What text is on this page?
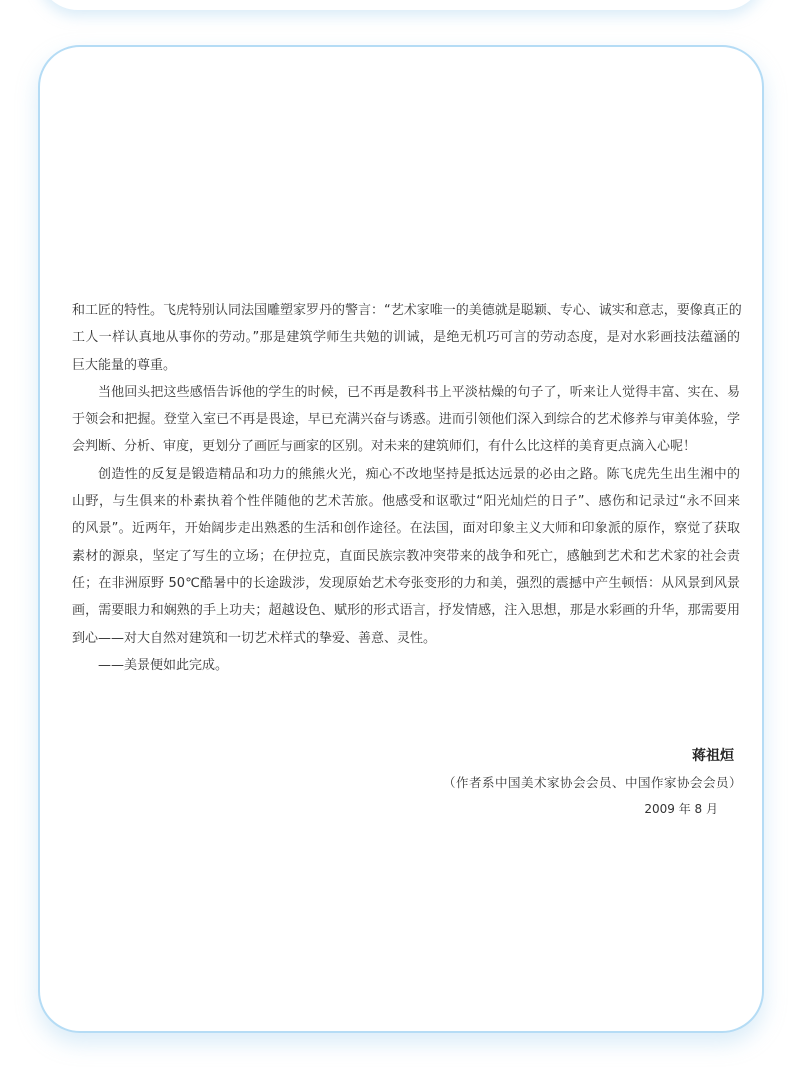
和工匠的特性。飞虎特别认同法国雕塑家罗丹的警言：“艺术家唯一的美德就是聪颖、专心、诚实和意志，要像真正的
工人一样认真地从事你的劳动。”那是建筑学师生共勉的训诫，是绝无机巧可言的劳动态度，是对水彩画技法蕴涵的
巨大能量的尊重。
当他回头把这些感悟告诉他的学生的时候，已不再是教科书上平淡枯燥的句子了，听来让人觉得丰富、实在、易
于领会和把握。登堂入室已不再是畏途，早已充满兴奋与诱惑。进而引领他们深入到综合的艺术修养与审美体验，学
会判断、分析、审度，更划分了画匠与画家的区别。对未来的建筑师们，有什么比这样的美育更点滴入心呢！
创造性的反复是锻造精品和功力的熊熊火光，痴心不改地坚持是抵达远景的必由之路。陈飞虎先生出生湘中的
山野，与生俱来的朴素执着个性伴随他的艺术苦旅。他感受和讴歌过“阳光灿烂的日子”、感伤和记录过“永不回来
的风景”。近两年，开始阔步走出熟悉的生活和创作途径。在法国，面对印象主义大师和印象派的原作，察觉了获取
素材的源泉，坚定了写生的立场；在伊拉克，直面民族宗教冲突带来的战争和死亡，感触到艺术和艺术家的社会责
任；在非洲原野 50℃酷暑中的长途跋涉，发现原始艺术夸张变形的力和美，强烈的震撼中产生顿悟：从风景到风景
画，需要眼力和娴熟的手上功夫；超越设色、赋形的形式语言，抒发情感，注入思想，那是水彩画的升华，那需要用
到心——对大自然对建筑和一切艺术样式的挚爱、善意、灵性。
——美景便如此完成。
蒋祖烜
（作者系中国美术家协会会员、中国作家协会会员）
2009 年 8 月
